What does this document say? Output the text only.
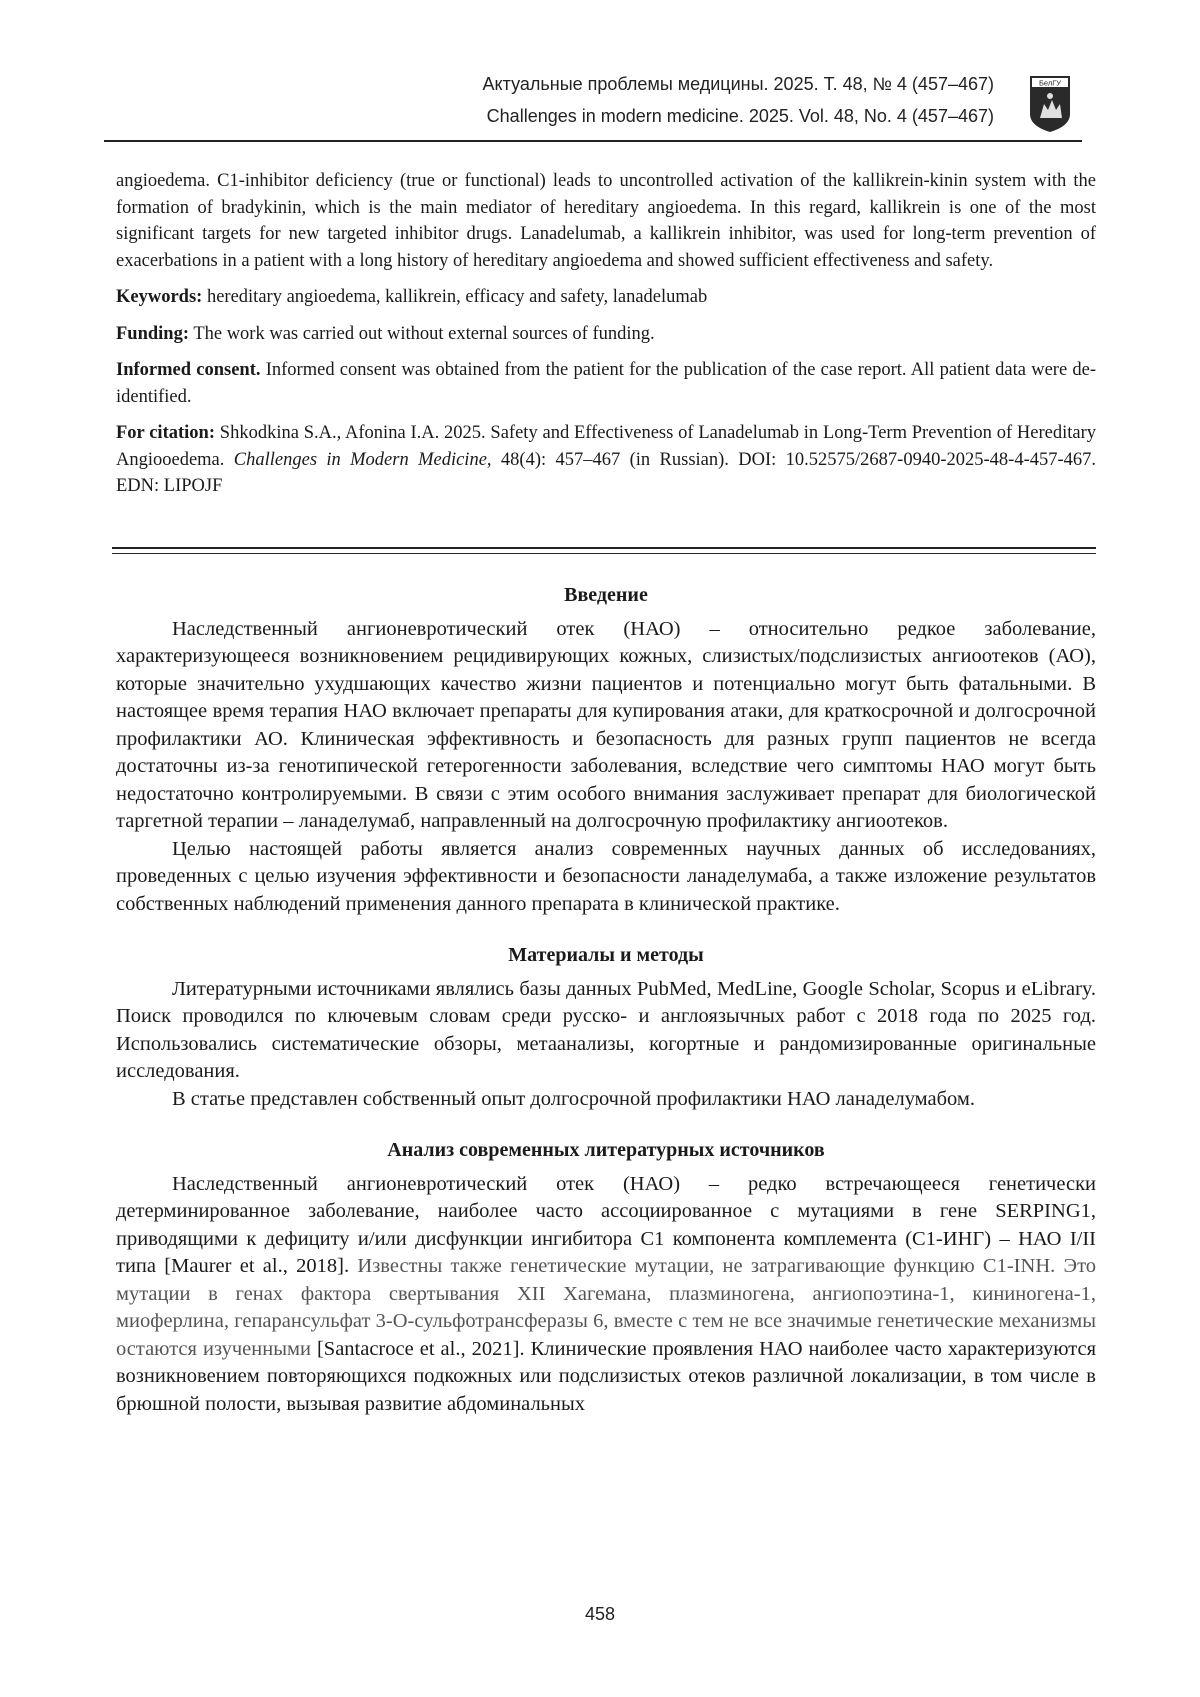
Актуальные проблемы медицины. 2025. Т. 48, № 4 (457–467)
Challenges in modern medicine. 2025. Vol. 48, No. 4 (457–467)
БелГУ

angioedema. C1-inhibitor deficiency (true or functional) leads to uncontrolled activation of the kallikrein-kinin system with the formation of bradykinin, which is the main mediator of hereditary angioedema. In this regard, kallikrein is one of the most significant targets for new targeted inhibitor drugs. Lanadelumab, a kallikrein inhibitor, was used for long-term prevention of exacerbations in a patient with a long history of hereditary angioedema and showed sufficient effectiveness and safety.

Keywords: hereditary angioedema, kallikrein, efficacy and safety, lanadelumab

Funding: The work was carried out without external sources of funding.

Informed consent. Informed consent was obtained from the patient for the publication of the case report. All patient data were de-identified.

For citation: Shkodkina S.A., Afonina I.A. 2025. Safety and Effectiveness of Lanadelumab in Long-Term Prevention of Hereditary Angiooedema. Challenges in Modern Medicine, 48(4): 457–467 (in Russian). DOI: 10.52575/2687-0940-2025-48-4-457-467. EDN: LIPOJF

Введение

Наследственный ангионевротический отек (НАО) – относительно редкое заболевание, характеризующееся возникновением рецидивирующих кожных, слизистых/подслизистых ангиоотеков (АО), которые значительно ухудшающих качество жизни пациентов и потенциально могут быть фатальными. В настоящее время терапия НАО включает препараты для купирования атаки, для краткосрочной и долгосрочной профилактики АО. Клиническая эффективность и безопасность для разных групп пациентов не всегда достаточны из-за генотипической гетерогенности заболевания, вследствие чего симптомы НАО могут быть недостаточно контролируемыми. В связи с этим особого внимания заслуживает препарат для биологической таргетной терапии – ланаделумаб, направленный на долгосрочную профилактику ангиоотеков.

Целью настоящей работы является анализ современных научных данных об исследованиях, проведенных с целью изучения эффективности и безопасности ланаделумаба, а также изложение результатов собственных наблюдений применения данного препарата в клинической практике.

Материалы и методы

Литературными источниками являлись базы данных PubMed, MedLine, Google Scholar, Scopus и eLibrary. Поиск проводился по ключевым словам среди русско- и англоязычных работ с 2018 года по 2025 год. Использовались систематические обзоры, метаанализы, когортные и рандомизированные оригинальные исследования.

В статье представлен собственный опыт долгосрочной профилактики НАО ланаделумабом.

Анализ современных литературных источников

Наследственный ангионевротический отек (НАО) – редко встречающееся генетически детерминированное заболевание, наиболее часто ассоциированное с мутациями в гене SERPING1, приводящими к дефициту и/или дисфункции ингибитора С1 компонента комплемента (С1-ИНГ) – НАО I/II типа [Maurer et al., 2018]. Известны также генетические мутации, не затрагивающие функцию С1-INH. Это мутации в генах фактора свертывания XII Хагемана, плазминогена, ангиопоэтина-1, кининогена-1, миоферлина, гепарансульфат 3-О-сульфотрансферазы 6, вместе с тем не все значимые генетические механизмы остаются изученными [Santacroce et al., 2021]. Клинические проявления НАО наиболее часто характеризуются возникновением повторяющихся подкожных или подслизистых отеков различной локализации, в том числе в брюшной полости, вызывая развитие абдоминальных

458
